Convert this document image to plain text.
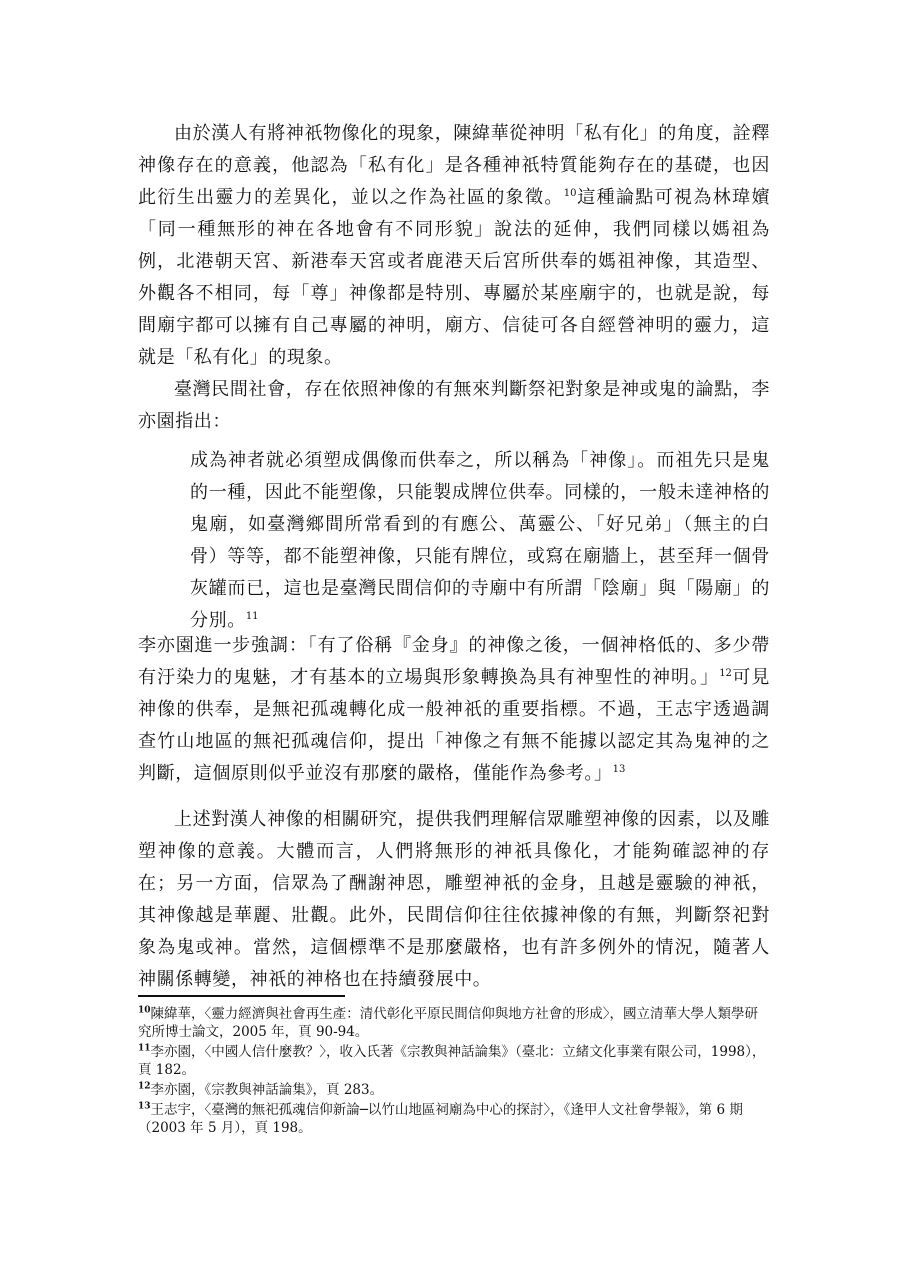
由於漢人有將神祇物像化的現象，陳緯華從神明「私有化」的角度，詮釋神像存在的意義，他認為「私有化」是各種神祇特質能夠存在的基礎，也因此衍生出靈力的差異化，並以之作為社區的象徵。$^{10}$這種論點可視為林瑋嬪「同一種無形的神在各地會有不同形貌」說法的延伸，我們同樣以媽祖為例，北港朝天宮、新港奉天宮或者鹿港天后宮所供奉的媽祖神像，其造型、外觀各不相同，每「尊」神像都是特別、專屬於某座廟宇的，也就是說，每間廟宇都可以擁有自己專屬的神明，廟方、信徒可各自經營神明的靈力，這就是「私有化」的現象。

臺灣民間社會，存在依照神像的有無來判斷祭祀對象是神或鬼的論點，李亦園指出：

成為神者就必須塑成偶像而供奉之，所以稱為「神像」。而祖先只是鬼的一種，因此不能塑像，只能製成牌位供奉。同樣的，一般未達神格的鬼廟，如臺灣鄉間所常看到的有應公、萬靈公、「好兄弟」（無主的白骨）等等，都不能塑神像，只能有牌位，或寫在廟牆上，甚至拜一個骨灰罐而已，這也是臺灣民間信仰的寺廟中有所謂「陰廟」與「陽廟」的分別。$^{11}$

李亦園進一步強調：「有了俗稱『金身』的神像之後，一個神格低的、多少帶有汙染力的鬼魅，才有基本的立場與形象轉換為具有神聖性的神明。」$^{12}$可見神像的供奉，是無祀孤魂轉化成一般神祇的重要指標。不過，王志宇透過調查竹山地區的無祀孤魂信仰，提出「神像之有無不能據以認定其為鬼神的之判斷，這個原則似乎並沒有那麼的嚴格，僅能作為參考。」$^{13}$

上述對漢人神像的相關研究，提供我們理解信眾雕塑神像的因素，以及雕塑神像的意義。大體而言，人們將無形的神祇具像化，才能夠確認神的存在；另一方面，信眾為了酬謝神恩，雕塑神祇的金身，且越是靈驗的神祇，其神像越是華麗、壯觀。此外，民間信仰往往依據神像的有無，判斷祭祀對象為鬼或神。當然，這個標準不是那麼嚴格，也有許多例外的情況，隨著人神關係轉變，神祇的神格也在持續發展中。

$^{10}$陳緯華，〈靈力經濟與社會再生產：清代彰化平原民間信仰與地方社會的形成〉，國立清華大學人類學研究所博士論文，2005 年，頁 90-94。

$^{11}$李亦園，〈中國人信什麼教？〉，收入氏著《宗教與神話論集》（臺北：立緒文化事業有限公司，1998），頁 182。

$^{12}$李亦園，《宗教與神話論集》，頁 283。

$^{13}$王志宇，〈臺灣的無祀孤魂信仰新論─以竹山地區祠廟為中心的探討〉，《逢甲人文社會學報》，第 6 期（2003 年 5 月），頁 198。
